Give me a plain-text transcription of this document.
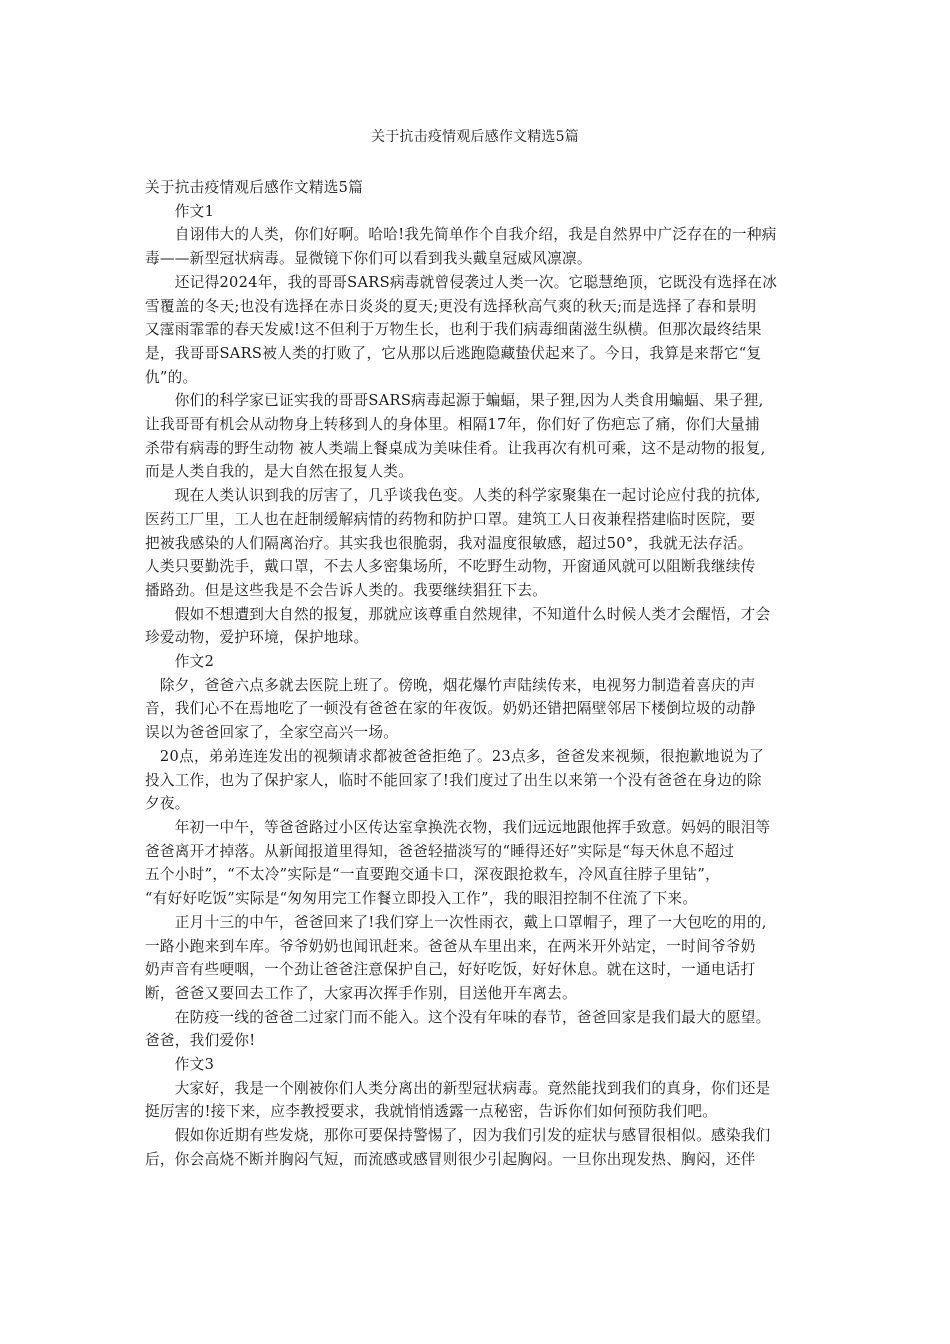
关于抗击疫情观后感作文精选5篇

关于抗击疫情观后感作文精选5篇

　　作文1

　　自诩伟大的人类，你们好啊。哈哈!我先简单作个自我介绍，我是自然界中广泛存在的一种病

毒——新型冠状病毒。显微镜下你们可以看到我头戴皇冠威风凛凛。

　　还记得2024年，我的哥哥SARS病毒就曾侵袭过人类一次。它聪慧绝顶，它既没有选择在冰

雪覆盖的冬天;也没有选择在赤日炎炎的夏天;更没有选择秋高气爽的秋天;而是选择了春和景明

又霪雨霏霏的春天发威!这不但利于万物生长，也利于我们病毒细菌滋生纵横。但那次最终结果

是，我哥哥SARS被人类的打败了，它从那以后逃跑隐藏蛰伏起来了。今日，我算是来帮它“复

仇”的。

　　你们的科学家已证实我的哥哥SARS病毒起源于蝙蝠，果子狸,因为人类食用蝙蝠、果子狸,

让我哥哥有机会从动物身上转移到人的身体里。相隔17年，你们好了伤疤忘了痛，你们大量捕

杀带有病毒的野生动物 被人类端上餐桌成为美味佳肴。让我再次有机可乘，这不是动物的报复,

而是人类自我的，是大自然在报复人类。

　　现在人类认识到我的厉害了，几乎谈我色变。人类的科学家聚集在一起讨论应付我的抗体,

医药工厂里，工人也在赶制缓解病情的药物和防护口罩。建筑工人日夜兼程搭建临时医院，要

把被我感染的人们隔离治疗。其实我也很脆弱，我对温度很敏感，超过50°，我就无法存活。

人类只要勤洗手，戴口罩，不去人多密集场所，不吃野生动物，开窗通风就可以阻断我继续传

播路劲。但是这些我是不会告诉人类的。我要继续猖狂下去。

　　假如不想遭到大自然的报复，那就应该尊重自然规律，不知道什么时候人类才会醒悟，才会

珍爱动物，爱护环境，保护地球。

　　作文2

　除夕，爸爸六点多就去医院上班了。傍晚，烟花爆竹声陆续传来，电视努力制造着喜庆的声

音，我们心不在焉地吃了一顿没有爸爸在家的年夜饭。奶奶还错把隔壁邻居下楼倒垃圾的动静

误以为爸爸回家了，全家空高兴一场。

　20点，弟弟连连发出的视频请求都被爸爸拒绝了。23点多，爸爸发来视频，很抱歉地说为了

投入工作，也为了保护家人，临时不能回家了!我们度过了出生以来第一个没有爸爸在身边的除

夕夜。

　　年初一中午，等爸爸路过小区传达室拿换洗衣物，我们远远地跟他挥手致意。妈妈的眼泪等

爸爸离开才掉落。从新闻报道里得知，爸爸轻描淡写的“睡得还好”实际是“每天休息不超过

五个小时”，“不太冷”实际是“一直要跑交通卡口，深夜跟抢救车，冷风直往脖子里钻”，

“有好好吃饭”实际是“匆匆用完工作餐立即投入工作”，我的眼泪控制不住流了下来。

　　正月十三的中午，爸爸回来了!我们穿上一次性雨衣，戴上口罩帽子，理了一大包吃的用的,

一路小跑来到车库。爷爷奶奶也闻讯赶来。爸爸从车里出来，在两米开外站定，一时间爷爷奶

奶声音有些哽咽，一个劲让爸爸注意保护自己，好好吃饭，好好休息。就在这时，一通电话打

断，爸爸又要回去工作了，大家再次挥手作别，目送他开车离去。

　　在防疫一线的爸爸二过家门而不能入。这个没有年味的春节，爸爸回家是我们最大的愿望。

爸爸，我们爱你!

　　作文3

　　大家好，我是一个刚被你们人类分离出的新型冠状病毒。竟然能找到我们的真身，你们还是

挺厉害的!接下来，应李教授要求，我就悄悄透露一点秘密，告诉你们如何预防我们吧。

　　假如你近期有些发烧，那你可要保持警惕了，因为我们引发的症状与感冒很相似。感染我们

后，你会高烧不断并胸闷气短，而流感或感冒则很少引起胸闷。一旦你出现发热、胸闷，还伴
